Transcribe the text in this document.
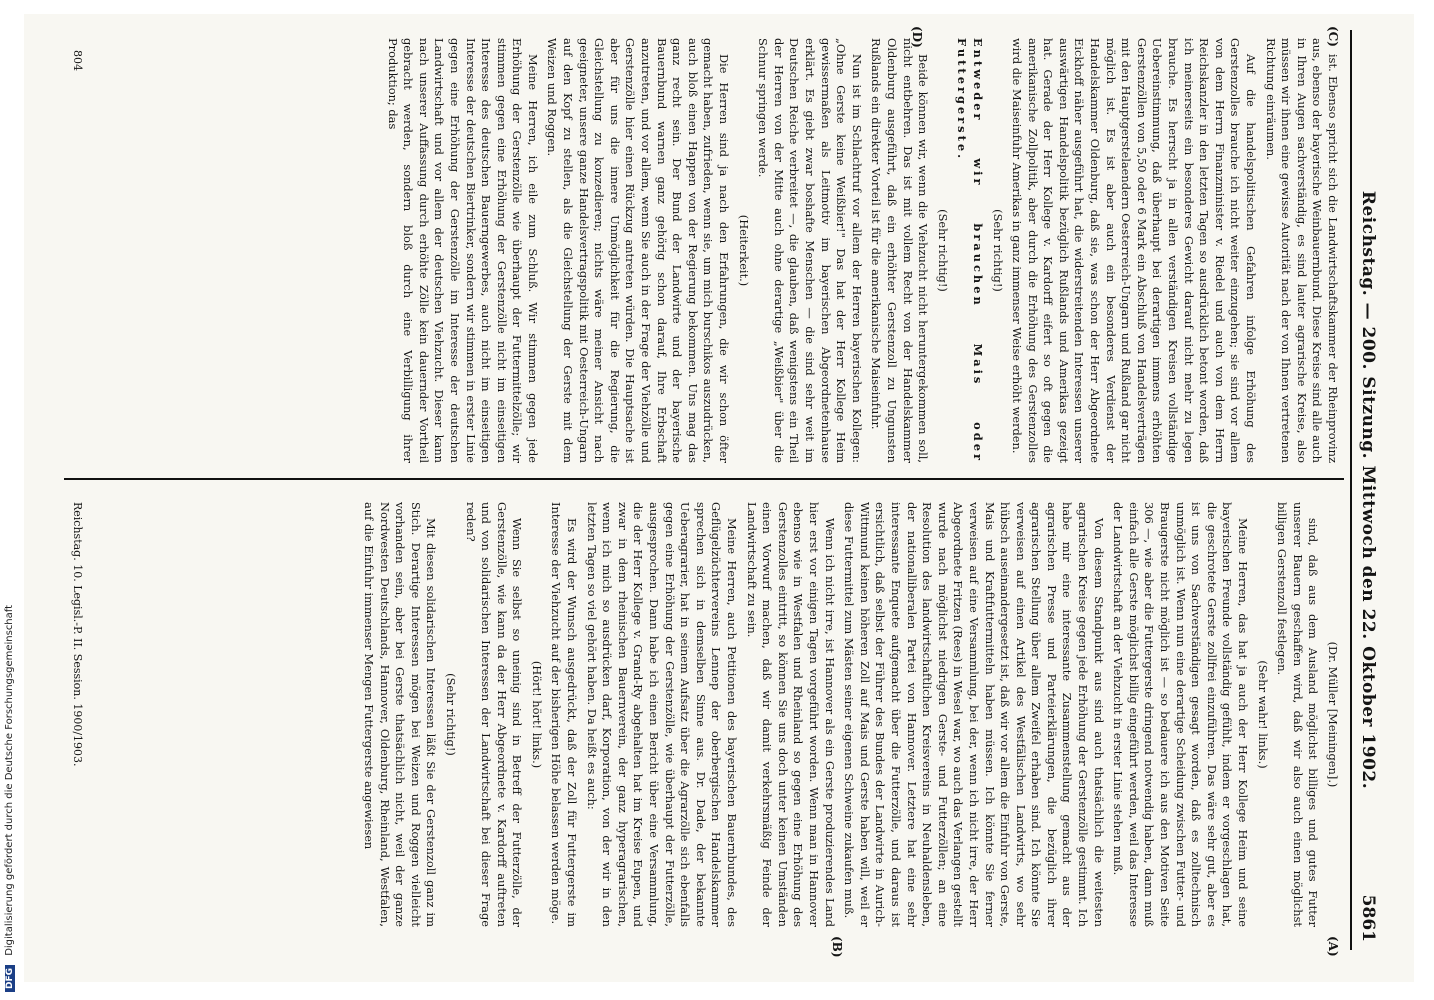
Reichstag. — 200. Sitzung. Mittwoch den 22. Oktober 1902.
5861
(C)
(D)
(A)
(B)

ist. Ebenso spricht sich die Landwirtschaftskammer der Rheinprovinz aus, ebenso der bayerische Weinbauernbund. Diese Kreise sind alle auch in Ihren Augen sachverständig, es sind lauter agrarische Kreise, also müssen wir ihnen eine gewisse Autorität nach der von Ihnen vertretenen Richtung einräumen.

Auf die handelspolitischen Gefahren infolge Erhöhung des Gerstenzolles brauche ich nicht weiter einzugehen; sie sind vor allem von dem Herrn Finanzminister v. Riedel und auch von dem Herrn Reichskanzler in den letzten Tagen so ausdrücklich betont worden, daß ich meinerseits ein besonderes Gewicht darauf nicht mehr zu legen brauche. Es herrscht ja in allen verständigen Kreisen vollständige Uebereinstimmung, daß überhaupt bei derartigen immens erhöhten Gerstenzöllen von 5,50 oder 6 Mark ein Abschluß von Handelsverträgen mit den Hauptgerstelaendern Oesterreich-Ungarn und Rußland gar nicht möglich ist. Es ist aber auch ein besonderes Verdienst der Handelskammer Oldenburg, daß sie, was schon der Herr Abgeordnete Eickhoff näher ausgeführt hat, die widerstreitenden Interessen unserer auswärtigen Handelspolitik bezüglich Rußlands und Amerikas gezeigt hat. Gerade der Herr Kollege v. Kardorff eifert so oft gegen die amerikanische Zollpolitik, aber durch die Erhöhung des Gerstenzolles wird die Maiseinfuhr Amerikas in ganz immenser Weise erhöht werden.

(Sehr richtig!)

Entweder wir brauchen Mais oder Futtergerste.

(Sehr richtig!)

Beide können wir, wenn die Viehzucht nicht heruntergekommen soll, nicht entbehren. Das ist mit vollem Recht von der Handelskammer Oldenburg ausgeführt, daß ein erhöhter Gerstenzoll zu Ungunsten Rußlands ein direkter Vorteil ist für die amerikanische Maiseinfuhr.

Nun ist im Schlachtruf vor allem der Herren bayerischen Kollegen: „Ohne Gerste keine Weißbier!" Das hat der Herr Kollege Heim gewissermaßen als Leitmotiv im bayerischen Abgeordnetenhause erklärt. Es giebt zwar boshafte Menschen — die sind sehr weit im Deutschen Reiche verbreitet —, die glauben, daß wenigstens ein Theil der Herren von der Mitte auch ohne derartige „Weißbier" über die Schnur springen werde.

(Heiterkeit.)

Die Herren sind ja nach den Erfahrungen, die wir schon öfter gemacht haben, zufrieden, wenn sie, um mich burschikos auszudrücken, auch bloß einen Happen von der Regierung bekommen. Uns mag das ganz recht sein. Der Bund der Landwirte und der bayerische Bauernbund warnen ganz gehörig schon darauf, Ihre Erbschaft anzutreten, und vor allem, wenn Sie auch in der Frage der Viehzölle und Gerstenzölle hier einen Rückzug antreten würden. Die Hauptsache ist aber für uns die innere Unmöglichkeit für die Regierung, die Gleichstellung zu konzedieren; nichts wäre meiner Ansicht nach geeigneter, unsere ganze Handelsvertragspolitik mit Oesterreich-Ungarn auf den Kopf zu stellen, als die Gleichstellung der Gerste mit dem Weizen und Roggen.

Meine Herren, ich eile zum Schluß. Wir stimmen gegen jede Erhöhung der Gerstenzölle wie überhaupt der Futtermittelzölle; wir stimmen gegen eine Erhöhung der Gerstenzölle nicht im einseitigen Interesse des deutschen Bauerngewerbes, auch nicht im einseitigen Interesse der deutschen Biertrinker, sondern wir stimmen in erster Linie gegen eine Erhöhung der Gerstenzölle im Interesse der deutschen Landwirtschaft und vor allem der deutschen Viehzucht. Dieser kann nach unserer Auffassung durch erhöhte Zölle kein dauernder Vortheil gebracht werden, sondern bloß durch eine Verbilligung ihrer Produktion; das

(Dr. Müller [Meiningen].)

sind, daß aus dem Ausland möglichst billiges und gutes Futter unserer Bauern geschaffen wird, daß wir also auch einen möglichst billigen Gerstenzoll festlegen.

(Sehr wahr! links.)

Meine Herren, das hat ja auch der Herr Kollege Heim und seine bayerischen Freunde vollständig gefühlt, indem er vorgeschlagen hat, die geschrotete Gerste zollfrei einzuführen. Das wäre sehr gut, aber es ist uns von Sachverständigen gesagt worden, daß es zolltechnisch unmöglich ist. Wenn nun eine derartige Scheidung zwischen Futter- und Braugerste nicht möglich ist — so bedauere ich aus den Motiven Seite 306 —, wie aber die Futtergerste dringend notwendig haben, dann muß einfach alle Gerste möglichst billig eingeführt werden, weil das Interesse der Landwirtschaft an der Viehzucht in erster Linie stehen muß.

Von diesem Standpunkt aus sind auch thatsächlich die weitesten agrarischen Kreise gegen jede Erhöhung der Gerstenzölle gestimmt. Ich habe mir eine interessante Zusammenstellung gemacht aus der agrarischen Presse und Parteierklärungen, die bezüglich ihrer agrarischen Stellung über allem Zweifel erhaben sind. Ich könnte Sie verweisen auf einen Artikel des Westfälischen Landwirts, wo sehr hübsch auseinandergesetzt ist, daß wir vor allem die Einfuhr von Gerste, Mais und Kraftfuttermitteln haben müssen. Ich könnte Sie ferner verweisen auf eine Versammlung, bei der, wenn ich nicht irre, der Herr Abgeordnete Fritzen (Rees) in Wesel war, wo auch das Verlangen gestellt wurde nach möglichst niedrigen Gerste- und Futterzöllen; an eine Resolution des landwirtschaftlichen Kreisvereins in Neuhaldensleben, der nationalliberalen Partei von Hannover. Letztere hat eine sehr interessante Enquete aufgemacht über die Futterzölle, und daraus ist ersichtlich, daß selbst der Führer des Bundes der Landwirte in Aurich-Wittmund keinen höheren Zoll auf Mais und Gerste haben will, weil er diese Futtermittel zum Mästen seiner eigenen Schweine zukaufen muß.

Wenn ich nicht irre, ist Hannover als ein Gerste produzierendes Land hier erst vor einigen Tagen vorgeführt worden. Wenn man in Hannover ebenso wie in Westfalen und Rheinland so gegen eine Erhöhung des Gerstenzolles eintritt, so können Sie uns doch unter keinen Umständen einen Vorwurf machen, daß wir damit verkehrsmäßig Feinde der Landwirtschaft zu sein.

Meine Herren, auch Petitionen des bayerischen Bauernbundes, des Geflügelzüchtervereins Lennep der oberbergischen Handelskammer sprechen sich in demselben Sinne aus. Dr. Dade, der bekannte Ueberagrarier, hat in seinem Aufsatz über die Agrarzölle sich ebenfalls gegen eine Erhöhung der Gerstenzölle, wie überhaupt der Futterzölle, ausgesprochen. Dann habe ich einen Bericht über eine Versammlung, die der Herr Kollege v. Grand-Ry abgehalten hat im Kreise Eupen, und zwar in dem rheinischen Bauernverein, der ganz hyperagrarischen, wenn ich mich so ausdrücken darf, Korporation, von der wir in den letzten Tagen so viel gehört haben. Da heißt es auch:

Es wird der Wunsch ausgedrückt, daß der Zoll für Futtergerste im Interesse der Viehzucht auf der bisherigen Höhe belassen werden möge.

(Hört! hört! links.)

Wenn Sie selbst so uneinig sind in Betreff der Futterzölle, der Gerstenzölle, wie kann da der Herr Abgeordnete v. Kardorff auftreten und von solidarischen Interessen der Landwirtschaft bei dieser Frage reden?

(Sehr richtig!)

Mit diesen solidarischen Interessen läßt Sie der Gerstenzoll ganz im Stich. Derartige Interessen mögen bei Weizen und Roggen vielleicht vorhanden sein, aber bei Gerste thatsächlich nicht, weil der ganze Nordwesten Deutschlands, Hannover, Oldenburg, Rheinland, Westfalen, auf die Einfuhr immenser Mengen Futtergerste angewiesen

Reichstag. 10. Legisl.-P. II. Session. 1900/1903.
804
DFG Digitalisierung gefördert durch die Deutsche Forschungsgemeinschaft
